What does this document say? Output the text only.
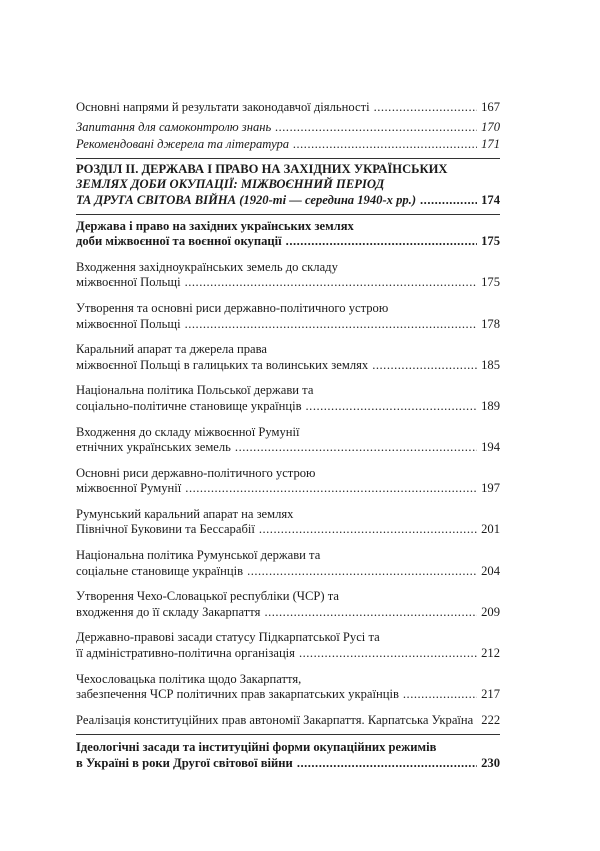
Основні напрями й результати законодавчої діяльності .....	167
Запитання для самоконтролю знань .....	170
Рекомендовані джерела та література .....	171
РОЗДІЛ II. ДЕРЖАВА І ПРАВО НА ЗАХІДНИХ УКРАЇНСЬКИХ
ЗЕМЛЯХ ДОБИ ОКУПАЦІЇ: МІЖВОЄННИЙ ПЕРІОД
ТА ДРУГА СВІТОВА ВІЙНА (1920-ті — середина 1940-х рр.) .....	174
Держава і право на західних українських землях
доби міжвоєнної та воєнної окупації .....	175
Входження західноукраїнських земель до складу
міжвоєнної Польщі .....	175
Утворення та основні риси державно-політичного устрою
міжвоєнної Польщі .....	178
Каральний апарат та джерела права
міжвоєнної Польщі в галицьких та волинських землях .....	185
Національна політика Польської держави та
соціально-політичне становище українців .....	189
Входження до складу міжвоєнної Румунії
етнічних українських земель .....	194
Основні риси державно-політичного устрою
міжвоєнної Румунії .....	197
Румунський каральний апарат на землях
Північної Буковини та Бессарабії .....	201
Національна політика Румунської держави та
соціальне становище українців .....	204
Утворення Чехо-Словацької республіки (ЧСР) та
входження до її складу Закарпаття .....	209
Державно-правові засади статусу Підкарпатської Русі та
її адміністративно-політична організація .....	212
Чехословацька політика щодо Закарпаття,
забезпечення ЧСР політичних прав закарпатських українців .....	217
Реалізація конституційних прав автономії Закарпаття. Карпатська Україна 222
Ідеологічні засади та інституційні форми окупаційних режимів
в Україні в роки Другої світової війни .....	230
